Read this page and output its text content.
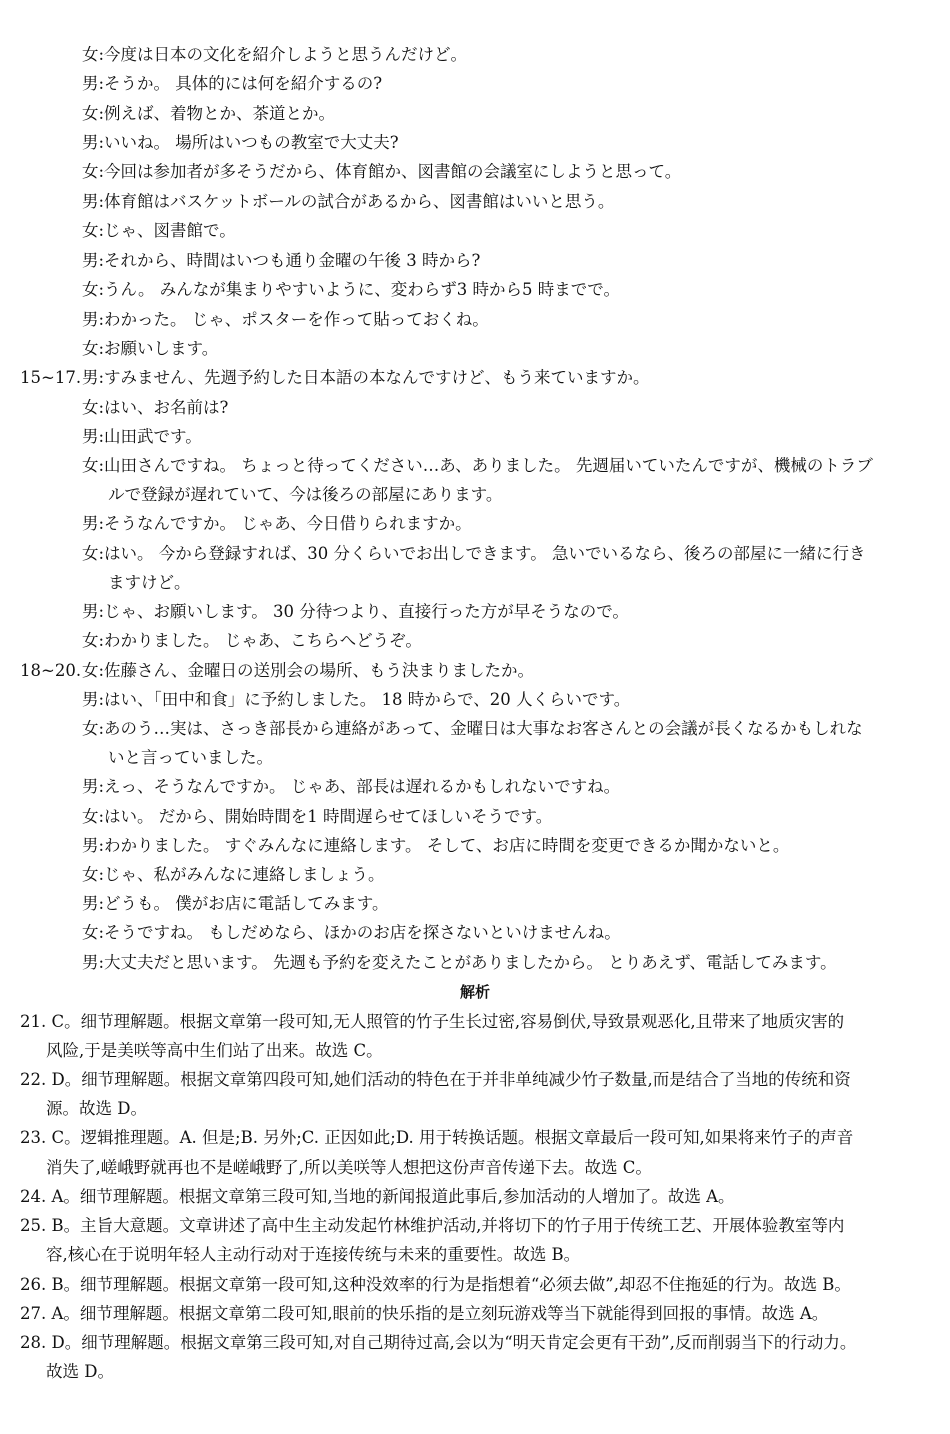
女:今度は日本の文化を紹介しようと思うんだけど。
男:そうか。 具体的には何を紹介するの?
女:例えば、着物とか、茶道とか。
男:いいね。 場所はいつもの教室で大丈夫?
女:今回は参加者が多そうだから、体育館か、図書館の会議室にしようと思って。
男:体育館はバスケットボールの試合があるから、図書館はいいと思う。
女:じゃ、図書館で。
男:それから、時間はいつも通り金曜の午後 3 時から?
女:うん。 みんなが集まりやすいように、変わらず3 時から5 時までで。
男:わかった。 じゃ、ポスターを作って貼っておくね。
女:お願いします。
15~17. 男:すみません、先週予約した日本語の本なんですけど、もう来ていますか。
女:はい、お名前は?
男:山田武です。
女:山田さんですね。 ちょっと待ってください…あ、ありました。 先週届いていたんですが、機械のトラブ
ルで登録が遅れていて、今は後ろの部屋にあります。
男:そうなんですか。 じゃあ、今日借りられますか。
女:はい。 今から登録すれば、30 分くらいでお出しできます。 急いでいるなら、後ろの部屋に一緒に行き
ますけど。
男:じゃ、お願いします。 30 分待つより、直接行った方が早そうなので。
女:わかりました。 じゃあ、こちらへどうぞ。
18~20. 女:佐藤さん、金曜日の送別会の場所、もう決まりましたか。
男:はい、「田中和食」に予約しました。 18 時からで、20 人くらいです。
女:あのう…実は、さっき部長から連絡があって、金曜日は大事なお客さんとの会議が長くなるかもしれな
いと言っていました。
男:えっ、そうなんですか。 じゃあ、部長は遅れるかもしれないですね。
女:はい。 だから、開始時間を1 時間遅らせてほしいそうです。
男:わかりました。 すぐみんなに連絡します。 そして、お店に時間を変更できるか聞かないと。
女:じゃ、私がみんなに連絡しましょう。
男:どうも。 僕がお店に電話してみます。
女:そうですね。 もしだめなら、ほかのお店を探さないといけませんね。
男:大丈夫だと思います。 先週も予約を変えたことがありましたから。 とりあえず、電話してみます。
解析
21. C。细节理解题。根据文章第一段可知,无人照管的竹子生长过密,容易倒伏,导致景观恶化,且带来了地质灾害的
风险,于是美咲等高中生们站了出来。故选 C。
22. D。细节理解题。根据文章第四段可知,她们活动的特色在于并非单纯减少竹子数量,而是结合了当地的传统和资
源。故选 D。
23. C。逻辑推理题。A. 但是;B. 另外;C. 正因如此;D. 用于转换话题。根据文章最后一段可知,如果将来竹子的声音
消失了,嵯峨野就再也不是嵯峨野了,所以美咲等人想把这份声音传递下去。故选 C。
24. A。细节理解题。根据文章第三段可知,当地的新闻报道此事后,参加活动的人增加了。故选 A。
25. B。主旨大意题。文章讲述了高中生主动发起竹林维护活动,并将切下的竹子用于传统工艺、开展体验教室等内
容,核心在于说明年轻人主动行动对于连接传统与未来的重要性。故选 B。
26. B。细节理解题。根据文章第一段可知,这种没效率的行为是指想着“必须去做”,却忍不住拖延的行为。故选 B。
27. A。细节理解题。根据文章第二段可知,眼前的快乐指的是立刻玩游戏等当下就能得到回报的事情。故选 A。
28. D。细节理解题。根据文章第三段可知,对自己期待过高,会以为“明天肯定会更有干劲”,反而削弱当下的行动力。
故选 D。
